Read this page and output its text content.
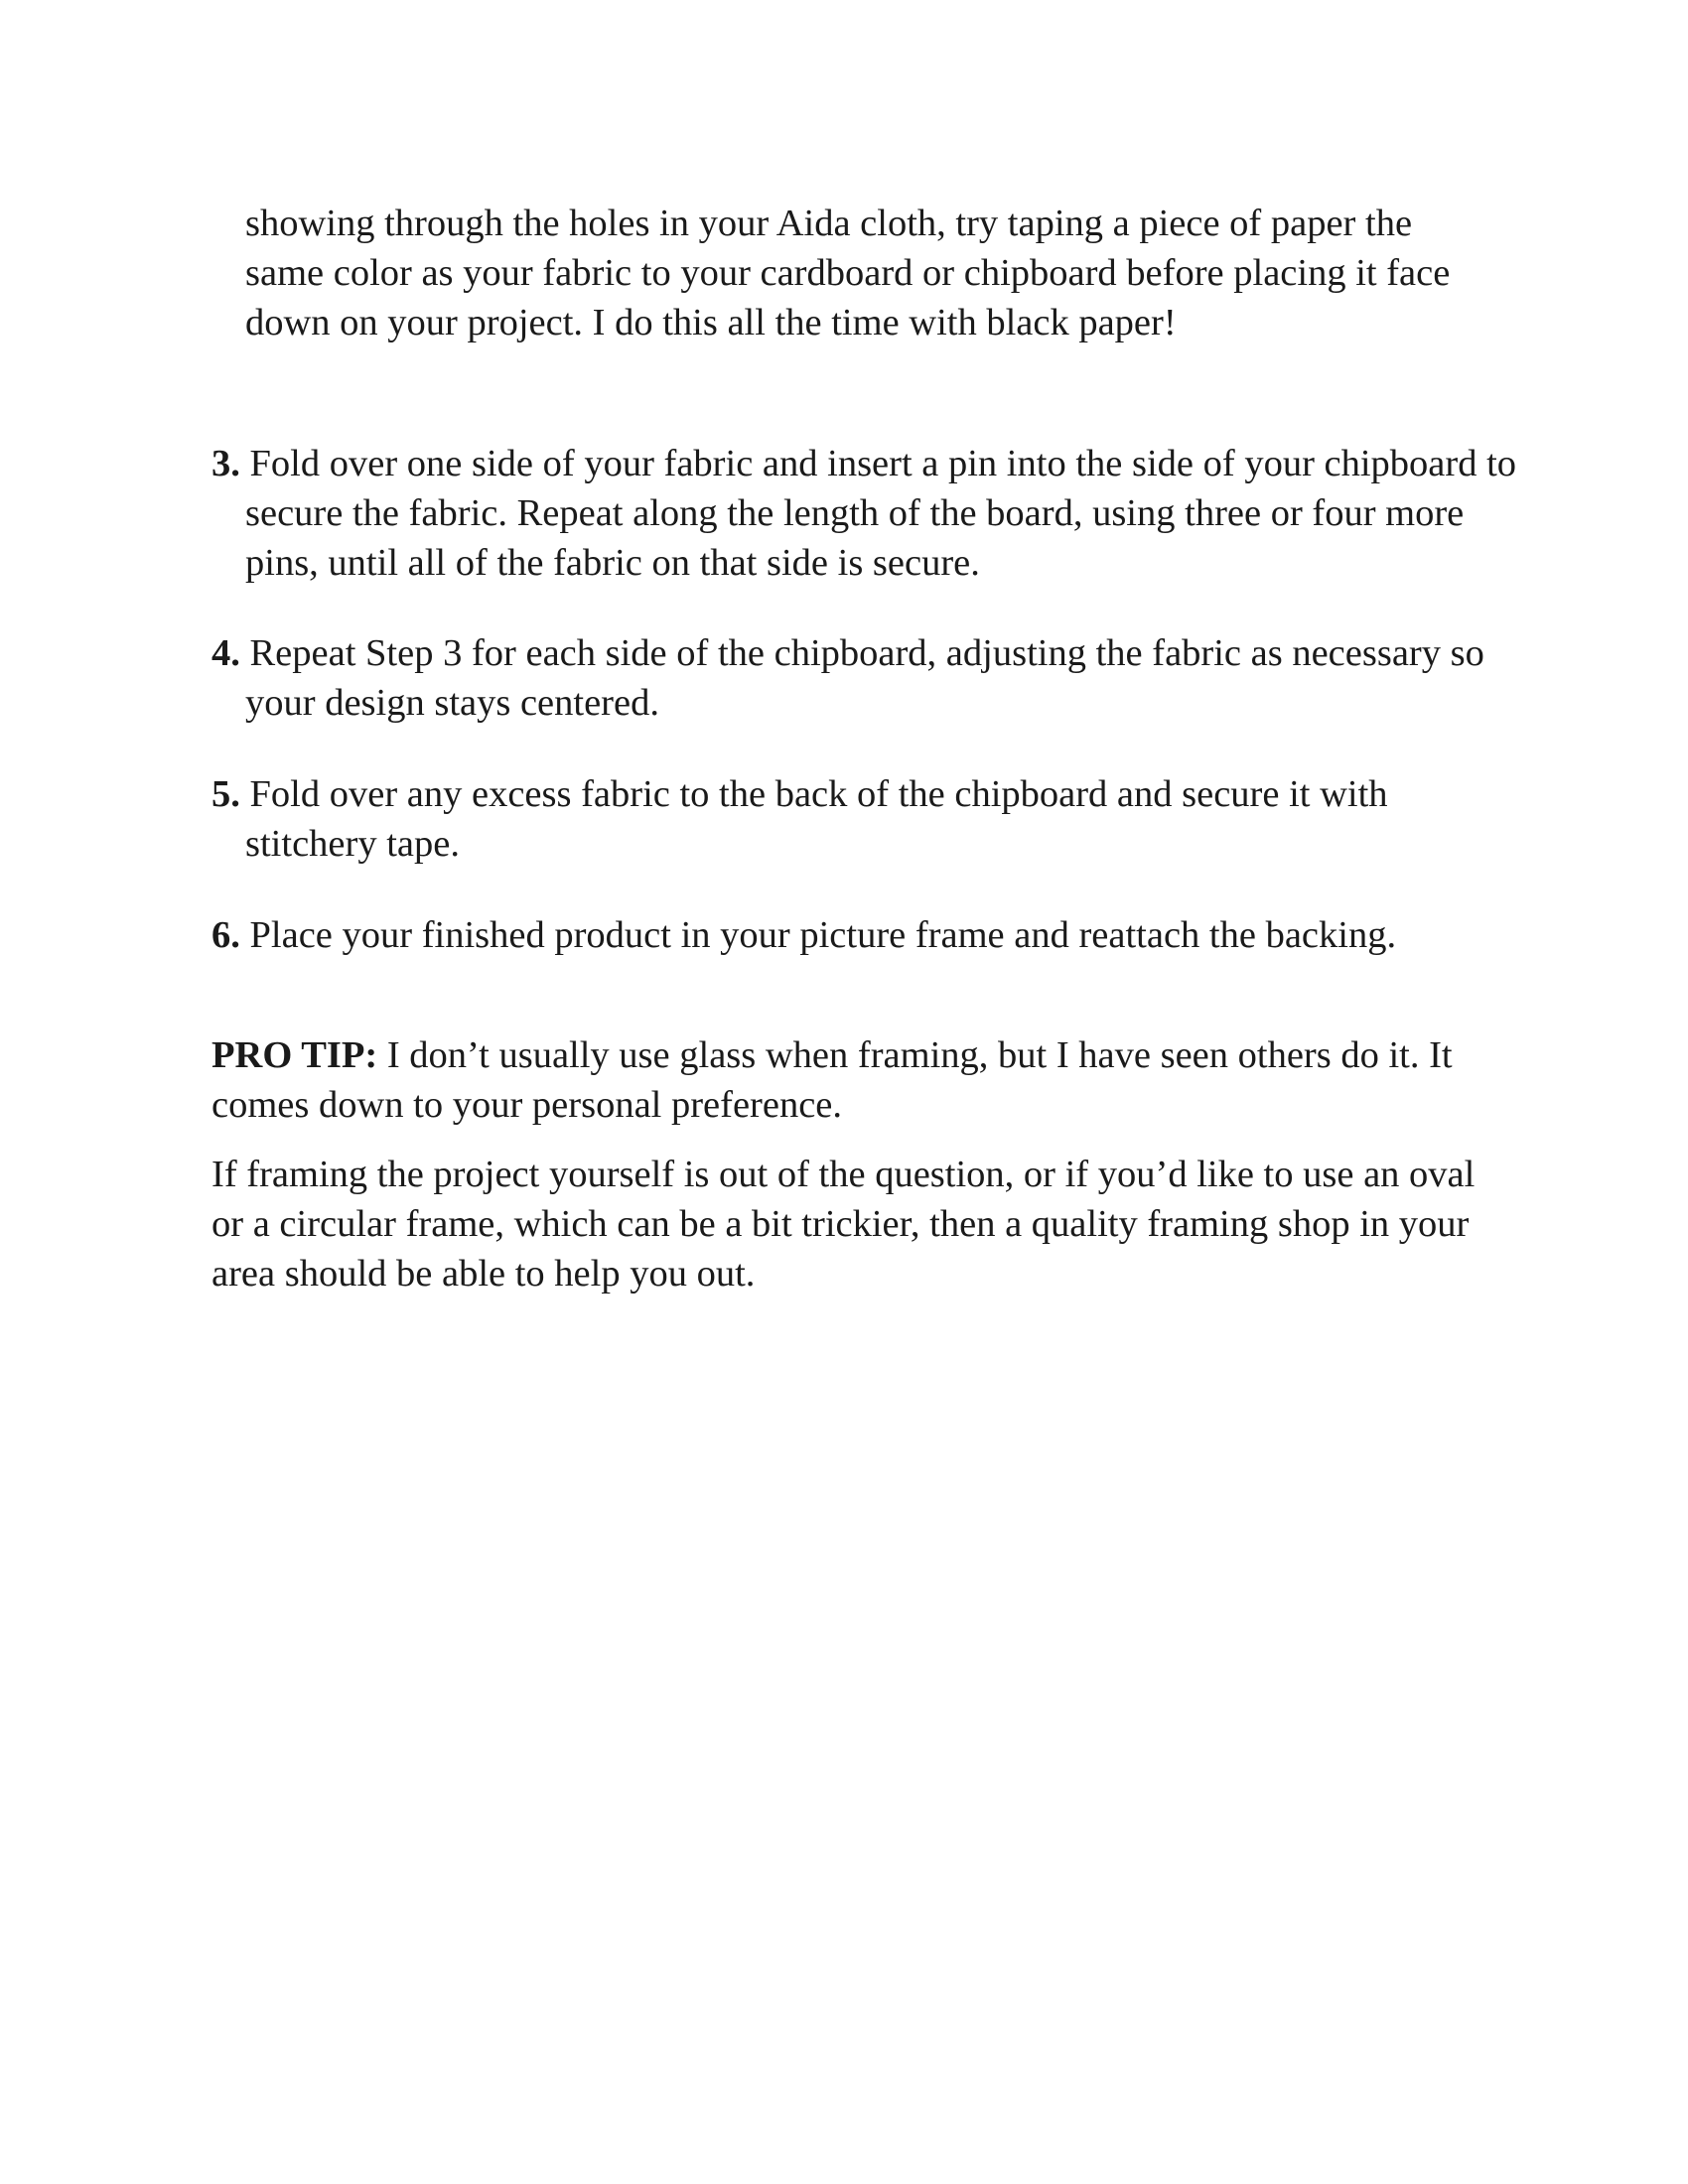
showing through the holes in your Aida cloth, try taping a piece of paper the same color as your fabric to your cardboard or chipboard before placing it face down on your project. I do this all the time with black paper!

3. Fold over one side of your fabric and insert a pin into the side of your chipboard to secure the fabric. Repeat along the length of the board, using three or four more pins, until all of the fabric on that side is secure.

4. Repeat Step 3 for each side of the chipboard, adjusting the fabric as necessary so your design stays centered.

5. Fold over any excess fabric to the back of the chipboard and secure it with stitchery tape.

6. Place your finished product in your picture frame and reattach the backing.

PRO TIP: I don’t usually use glass when framing, but I have seen others do it. It comes down to your personal preference.

If framing the project yourself is out of the question, or if you’d like to use an oval or a circular frame, which can be a bit trickier, then a quality framing shop in your area should be able to help you out.
